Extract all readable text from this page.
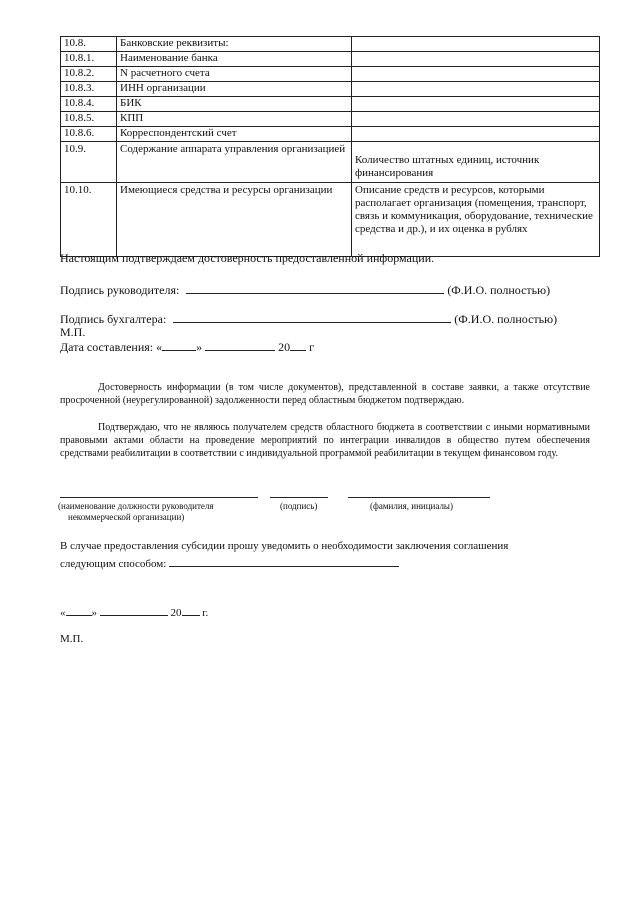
10.8.	Банковские реквизиты:	
10.8.1.	Наименование банка	
10.8.2.	N расчетного счета	
10.8.3.	ИНН организации	
10.8.4.	БИК	
10.8.5.	КПП	
10.8.6.	Корреспондентский счет	
10.9.	Содержание аппарата управления организацией	Количество штатных единиц, источник финансирования
10.10.	Имеющиеся средства и ресурсы организации	Описание средств и ресурсов, которыми располагает организация (помещения, транспорт, связь и коммуникация, оборудование, технические средства и др.), и их оценка в рублях
Настоящим подтверждаем достоверность предоставленной информации.
Подпись руководителя:	(Ф.И.О. полностью)
Подпись бухгалтера:	(Ф.И.О. полностью)
М.П.
Дата составления: «	»	20 г
Достоверность информации (в том числе документов), представленной в составе заявки, а также отсутствие просроченной (неурегулированной) задолженности перед областным бюджетом подтверждаю.
Подтверждаю, что не являюсь получателем средств областного бюджета в соответствии с иными нормативными правовыми актами области на проведение мероприятий по интеграции инвалидов в общество путем обеспечения средствами реабилитации в соответствии с индивидуальной программой реабилитации в текущем финансовом году.
(наименование должности руководителя
некоммерческой организации)
(подпись)	(фамилия, инициалы)
В случае предоставления субсидии прошу уведомить о необходимости заключения соглашения
следующим способом:
« »	20 г.
М.П.
